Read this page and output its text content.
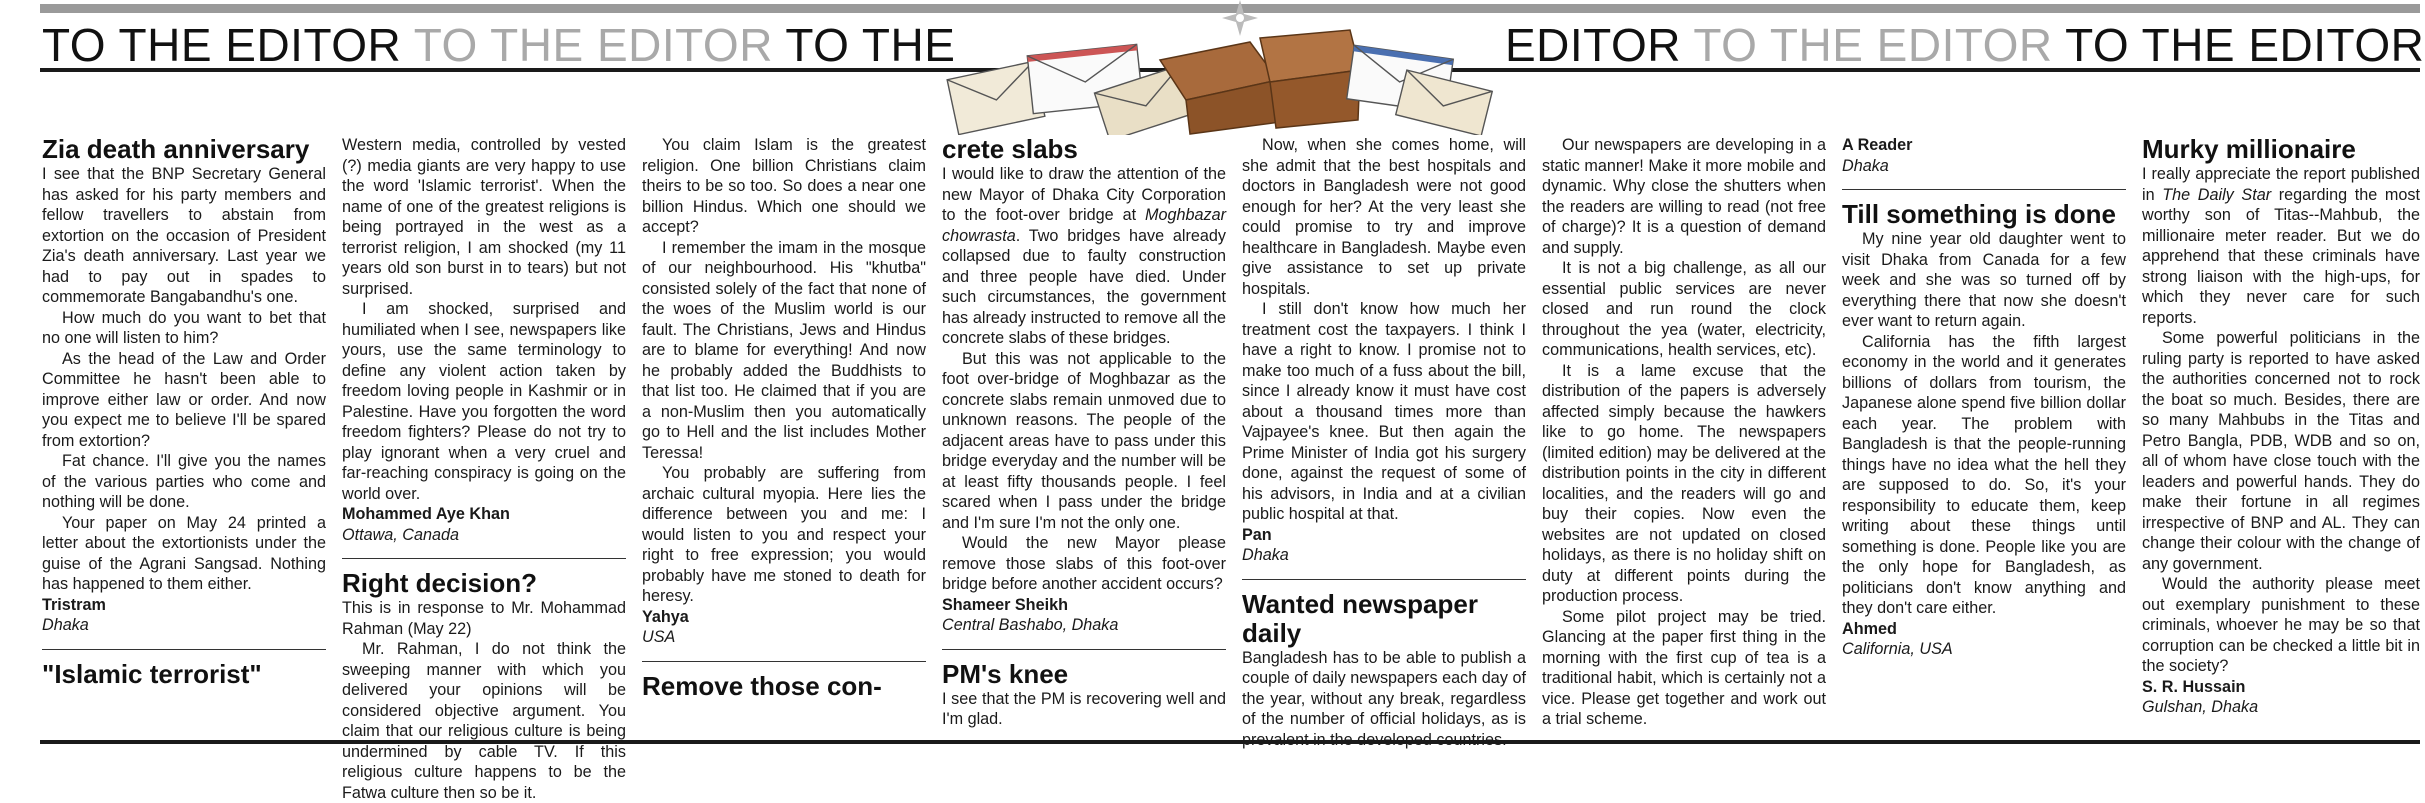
TO THE EDITOR TO THE EDITOR TO THE	EDITOR TO THE EDITOR TO THE EDITOR
Zia death anniversary

I see that the BNP Secretary General has asked for his party members and fellow travellers to abstain from extortion on the occasion of President Zia's death anniversary. Last year we had to pay out in spades to commemorate Bangabandhu's one.

How much do you want to bet that no one will listen to him?

As the head of the Law and Order Committee he hasn't been able to improve either law or order. And now you expect me to believe I'll be spared from extortion?

Fat chance. I'll give you the names of the various parties who come and nothing will be done.

Your paper on May 24 printed a letter about the extortionists under the guise of the Agrani Sangsad. Nothing has happened to them either.

Tristram
Dhaka
"Islamic terrorist"

Western media, controlled by vested (?) media giants are very happy to use the word 'Islamic terrorist'. When the name of one of the greatest religions is being portrayed in the west as a terrorist religion, I am shocked (my 11 years old son burst in to tears) but not surprised.

I am shocked, surprised and humiliated when I see, newspapers like yours, use the same terminology to define any violent action taken by freedom loving people in Kashmir or in Palestine. Have you forgotten the word freedom fighters? Please do not try to play ignorant when a very cruel and far-reaching conspiracy is going on the world over.

Mohammed Aye Khan
Ottawa, Canada
Right decision?

This is in response to Mr. Mohammad Rahman (May 22)

Mr. Rahman, I do not think the sweeping manner with which you delivered your opinions will be considered objective argument. You claim that our religious culture is being undermined by cable TV. If this religious culture happens to be the Fatwa culture then so be it.

You claim Islam is the greatest religion. One billion Christians claim theirs to be so too. So does a near one billion Hindus. Which one should we accept?

I remember the imam in the mosque of our neighbourhood. His "khutba" consisted solely of the fact that none of the woes of the Muslim world is our fault. The Christians, Jews and Hindus are to blame for everything! And now he probably added the Buddhists to that list too. He claimed that if you are a non-Muslim then you automatically go to Hell and the list includes Mother Teressa!

You probably are suffering from archaic cultural myopia. Here lies the difference between you and me: I would listen to you and respect your right to free expression; you would probably have me stoned to death for heresy.

Yahya
USA
Remove those con-
crete slabs

I would like to draw the attention of the new Mayor of Dhaka City Corporation to the foot-over bridge at Moghbazar chowrasta. Two bridges have already collapsed due to faulty construction and three people have died. Under such circumstances, the government has already instructed to remove all the concrete slabs of these bridges.

But this was not applicable to the foot over-bridge of Moghbazar as the concrete slabs remain unmoved due to unknown reasons. The people of the adjacent areas have to pass under this bridge everyday and the number will be at least fifty thousands people. I feel scared when I pass under the bridge and I'm sure I'm not the only one.

Would the new Mayor please remove those slabs of this foot-over bridge before another accident occurs?

Shameer Sheikh
Central Bashabo, Dhaka
PM's knee

I see that the PM is recovering well and I'm glad.

Now, when she comes home, will she admit that the best hospitals and doctors in Bangladesh were not good enough for her? At the very least she could promise to try and improve healthcare in Bangladesh. Maybe even give assistance to set up private hospitals.

I still don't know how much her treatment cost the taxpayers. I think I have a right to know. I promise not to make too much of a fuss about the bill, since I already know it must have cost about a thousand times more than Vajpayee's knee. But then again the Prime Minister of India got his surgery done, against the request of some of his advisors, in India and at a civilian public hospital at that.

Pan
Dhaka
Wanted newspaper daily

Bangladesh has to be able to publish a couple of daily newspapers each day of the year, without any break, regardless of the number of official holidays, as is prevalent in the developed countries.

Our newspapers are developing in a static manner! Make it more mobile and dynamic. Why close the shutters when the readers are willing to read (not free of charge)? It is a question of demand and supply.

It is not a big challenge, as all our essential public services are never closed and run round the clock throughout the yea (water, electricity, communications, health services, etc).

It is a lame excuse that the distribution of the papers is adversely affected simply because the hawkers like to go home. The newspapers (limited edition) may be delivered at the distribution points in the city in different localities, and the readers will go and buy their copies. Now even the websites are not updated on closed holidays, as there is no holiday shift on duty at different points during the production process.

Some pilot project may be tried. Glancing at the paper first thing in the morning with the first cup of tea is a traditional habit, which is certainly not a vice. Please get together and work out a trial scheme.

A Reader
Dhaka
Till something is done

My nine year old daughter went to visit Dhaka from Canada for a few week and she was so turned off by everything there that now she doesn't ever want to return again.

California has the fifth largest economy in the world and it generates billions of dollars from tourism, the Japanese alone spend five billion dollar each year. The problem with Bangladesh is that the people-running things have no idea what the hell they are supposed to do. So, it's your responsibility to educate them, keep writing about these things until something is done. People like you are the only hope for Bangladesh, as politicians don't know anything and they don't care either.

Ahmed
California, USA
Murky millionaire

I really appreciate the report published in The Daily Star regarding the most worthy son of Titas--Mahbub, the millionaire meter reader. But we do apprehend that these criminals have strong liaison with the high-ups, for which they never care for such reports.

Some powerful politicians in the ruling party is reported to have asked the authorities concerned not to rock the boat so much. Besides, there are so many Mahbubs in the Titas and Petro Bangla, PDB, WDB and so on, all of whom have close touch with the leaders and powerful hands. They do make their fortune in all regimes irrespective of BNP and AL. They can change their colour with the change of any government.

Would the authority please meet out exemplary punishment to these criminals, whoever he may be so that corruption can be checked a little bit in the society?

S. R. Hussain
Gulshan, Dhaka
